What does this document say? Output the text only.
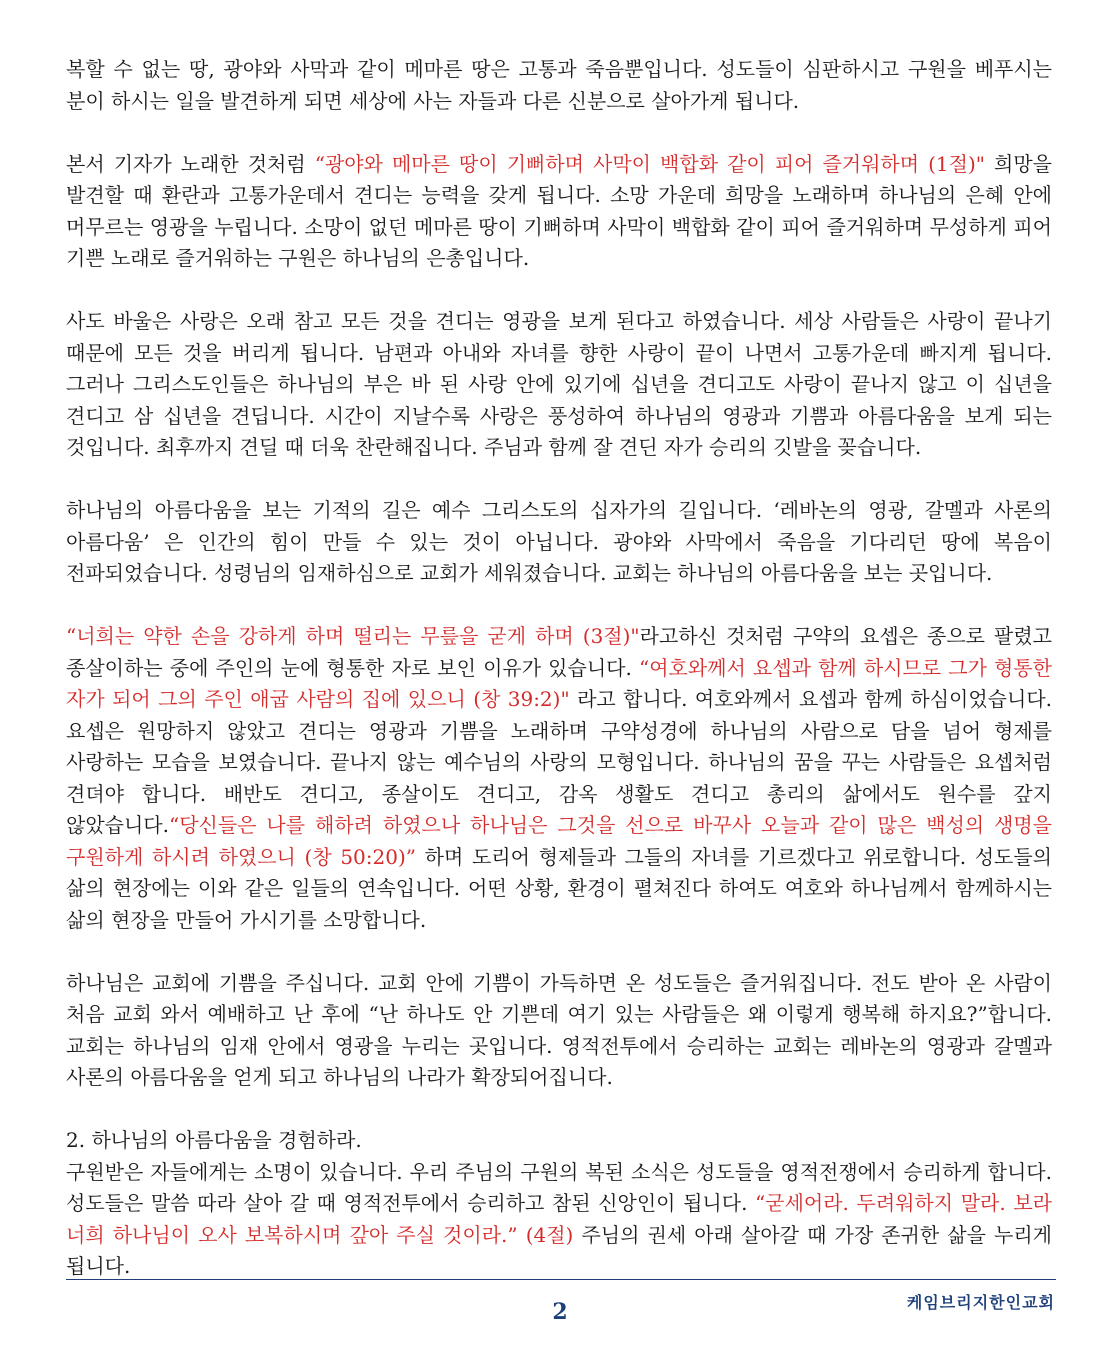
복할 수 없는 땅, 광야와 사막과 같이 메마른 땅은 고통과 죽음뿐입니다. 성도들이 심판하시고 구원을 베푸시는 분이 하시는 일을 발견하게 되면 세상에 사는 자들과 다른 신분으로 살아가게 됩니다.

본서 기자가 노래한 것처럼 “광야와 메마른 땅이 기뻐하며 사막이 백합화 같이 피어 즐거워하며 (1절)" 희망을 발견할 때 환란과 고통가운데서 견디는 능력을 갖게 됩니다. 소망 가운데 희망을 노래하며 하나님의 은혜 안에 머무르는 영광을 누립니다. 소망이 없던 메마른 땅이 기뻐하며 사막이 백합화 같이 피어 즐거워하며 무성하게 피어 기쁜 노래로 즐거워하는 구원은 하나님의 은총입니다.

사도 바울은 사랑은 오래 참고 모든 것을 견디는 영광을 보게 된다고 하였습니다. 세상 사람들은 사랑이 끝나기 때문에 모든 것을 버리게 됩니다. 남편과 아내와 자녀를 향한 사랑이 끝이 나면서 고통가운데 빠지게 됩니다. 그러나 그리스도인들은 하나님의 부은 바 된 사랑 안에 있기에 십년을 견디고도 사랑이 끝나지 않고 이 십년을 견디고 삼 십년을 견딥니다. 시간이 지날수록 사랑은 풍성하여 하나님의 영광과 기쁨과 아름다움을 보게 되는 것입니다. 최후까지 견딜 때 더욱 찬란해집니다. 주님과 함께 잘 견딘 자가 승리의 깃발을 꽂습니다.

하나님의 아름다움을 보는 기적의 길은 예수 그리스도의 십자가의 길입니다. ‘레바논의 영광, 갈멜과 사론의 아름다움’ 은 인간의 힘이 만들 수 있는 것이 아닙니다. 광야와 사막에서 죽음을 기다리던 땅에 복음이 전파되었습니다. 성령님의 임재하심으로 교회가 세워졌습니다. 교회는 하나님의 아름다움을 보는 곳입니다.

“너희는 약한 손을 강하게 하며 떨리는 무릎을 굳게 하며 (3절)"라고하신 것처럼 구약의 요셉은 종으로 팔렸고 종살이하는 중에 주인의 눈에 형통한 자로 보인 이유가 있습니다. “여호와께서 요셉과 함께 하시므로 그가 형통한 자가 되어 그의 주인 애굽 사람의 집에 있으니 (창 39:2)" 라고 합니다. 여호와께서 요셉과 함께 하심이었습니다. 요셉은 원망하지 않았고 견디는 영광과 기쁨을 노래하며 구약성경에 하나님의 사람으로 담을 넘어 형제를 사랑하는 모습을 보였습니다. 끝나지 않는 예수님의 사랑의 모형입니다. 하나님의 꿈을 꾸는 사람들은 요셉처럼 견뎌야 합니다. 배반도 견디고, 종살이도 견디고, 감옥 생활도 견디고 총리의 삶에서도 원수를 갚지 않았습니다.“당신들은 나를 해하려 하였으나 하나님은 그것을 선으로 바꾸사 오늘과 같이 많은 백성의 생명을 구원하게 하시려 하였으니 (창 50:20)” 하며 도리어 형제들과 그들의 자녀를 기르겠다고 위로합니다. 성도들의 삶의 현장에는 이와 같은 일들의 연속입니다. 어떤 상황, 환경이 펼쳐진다 하여도 여호와 하나님께서 함께하시는 삶의 현장을 만들어 가시기를 소망합니다.

하나님은 교회에 기쁨을 주십니다. 교회 안에 기쁨이 가득하면 온 성도들은 즐거워집니다. 전도 받아 온 사람이 처음 교회 와서 예배하고 난 후에 “난 하나도 안 기쁜데 여기 있는 사람들은 왜 이렇게 행복해 하지요?”합니다. 교회는 하나님의 임재 안에서 영광을 누리는 곳입니다. 영적전투에서 승리하는 교회는 레바논의 영광과 갈멜과 사론의 아름다움을 얻게 되고 하나님의 나라가 확장되어집니다.

2. 하나님의 아름다움을 경험하라.

구원받은 자들에게는 소명이 있습니다. 우리 주님의 구원의 복된 소식은 성도들을 영적전쟁에서 승리하게 합니다. 성도들은 말씀 따라 살아 갈 때 영적전투에서 승리하고 참된 신앙인이 됩니다. “굳세어라. 두려워하지 말라. 보라 너희 하나님이 오사 보복하시며 갚아 주실 것이라.” (4절) 주님의 권세 아래 살아갈 때 가장 존귀한 삶을 누리게 됩니다.

2	케임브리지한인교회
